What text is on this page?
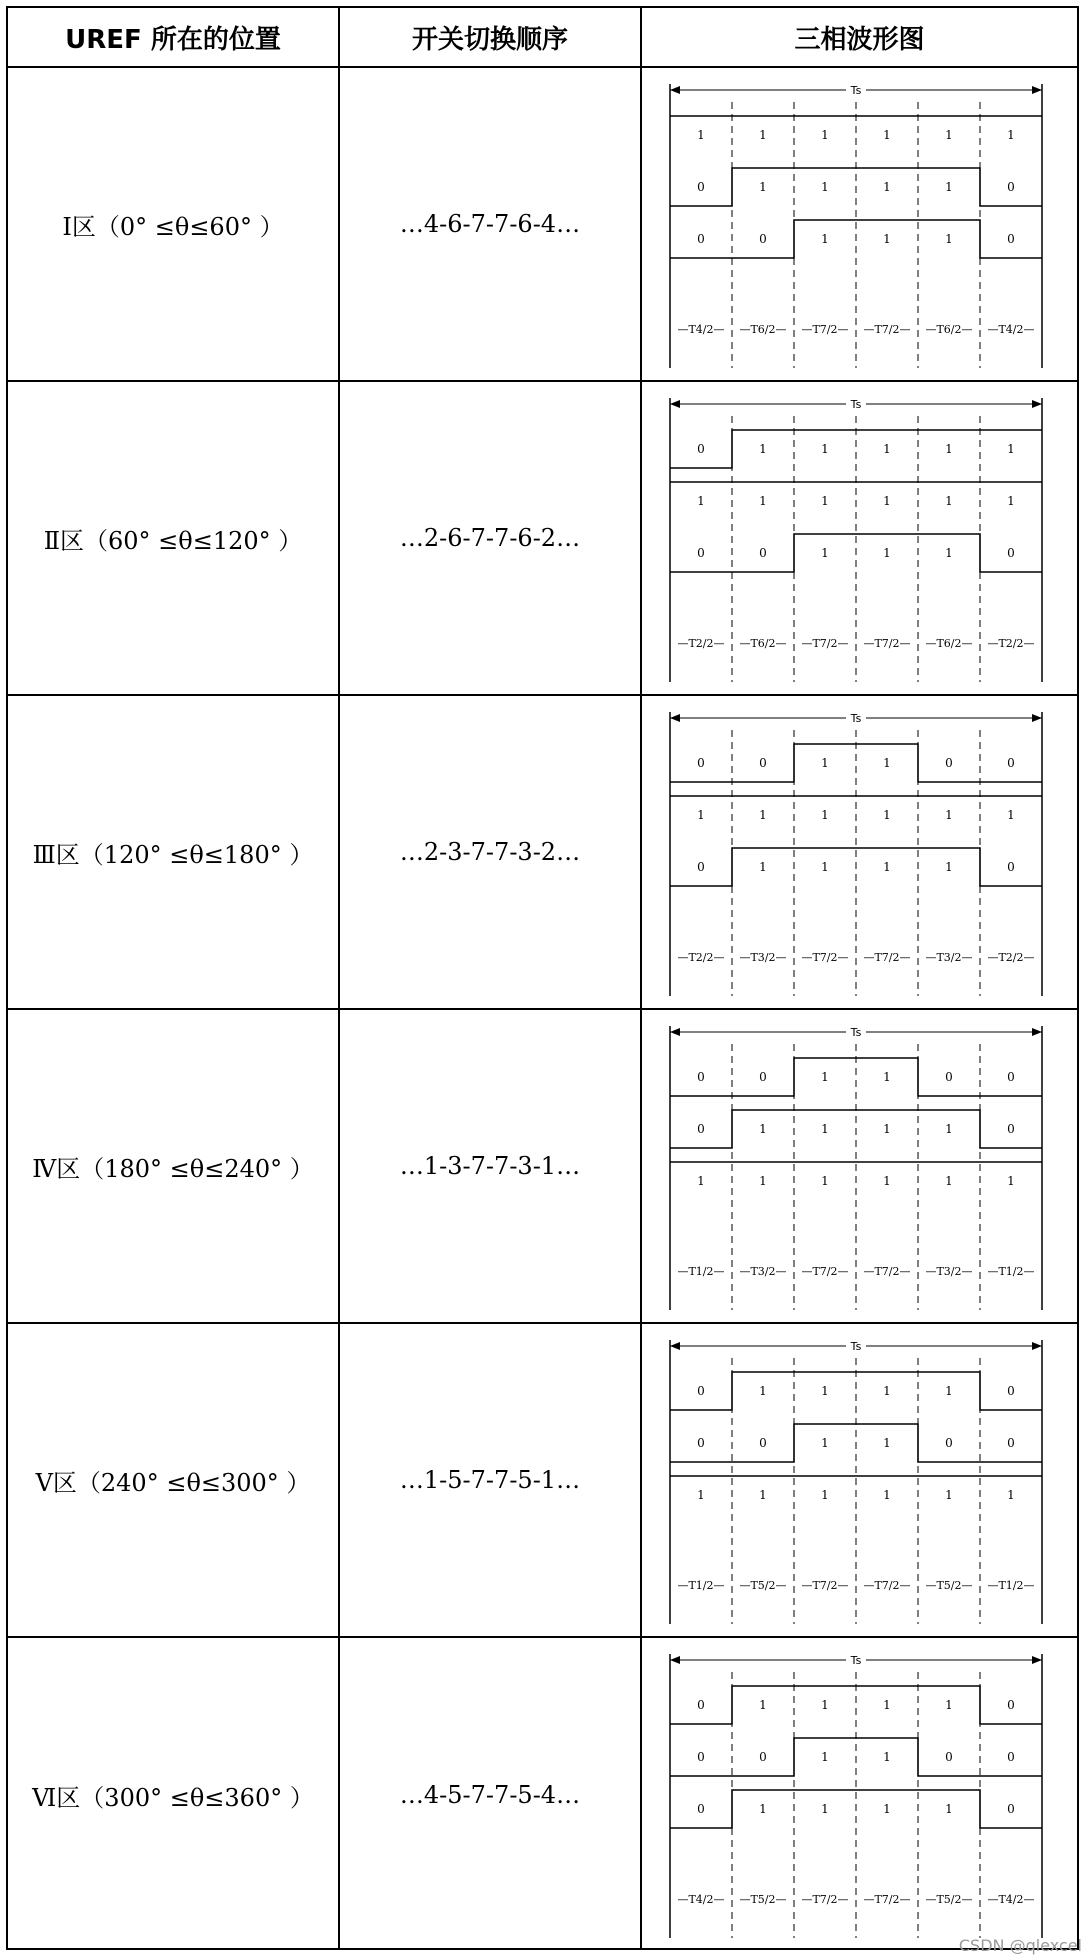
UREF 所在的位置	开关切换顺序	三相波形图
Ⅰ区（0° ≤θ≤60° ）	…4-6-7-7-6-4…
Ts
1	1	1	1	1	1
0	1	1	1	1	0
0	0	1	1	1	0
—T4/2— —T6/2— —T7/2— —T7/2— —T6/2— —T4/2—
Ⅱ区（60° ≤θ≤120° ）	…2-6-7-7-6-2…
Ts
0	1	1	1	1	1
1	1	1	1	1	1
0	0	1	1	1	0
—T2/2— —T6/2— —T7/2— —T7/2— —T6/2— —T2/2—
Ⅲ区（120° ≤θ≤180° ）	…2-3-7-7-3-2…
Ts
0	0	1	1	0	0
1	1	1	1	1	1
0	1	1	1	1	0
—T2/2— —T3/2— —T7/2— —T7/2— —T3/2— —T2/2—
Ⅳ区（180° ≤θ≤240° ）	…1-3-7-7-3-1…
Ts
0	0	1	1	0	0
0	1	1	1	1	0
1	1	1	1	1	1
—T1/2— —T3/2— —T7/2— —T7/2— —T3/2— —T1/2—
Ⅴ区（240° ≤θ≤300° ）	…1-5-7-7-5-1…
Ts
0	1	1	1	1	0
0	0	1	1	0	0
1	1	1	1	1	1
—T1/2— —T5/2— —T7/2— —T7/2— —T5/2— —T1/2—
Ⅵ区（300° ≤θ≤360° ）	…4-5-7-7-5-4…
Ts
0	1	1	1	1	0
0	0	1	1	0	0
0	1	1	1	1	0
—T4/2— —T5/2— —T7/2— —T7/2— —T5/2— —T4/2—
CSDN @qlexcel
